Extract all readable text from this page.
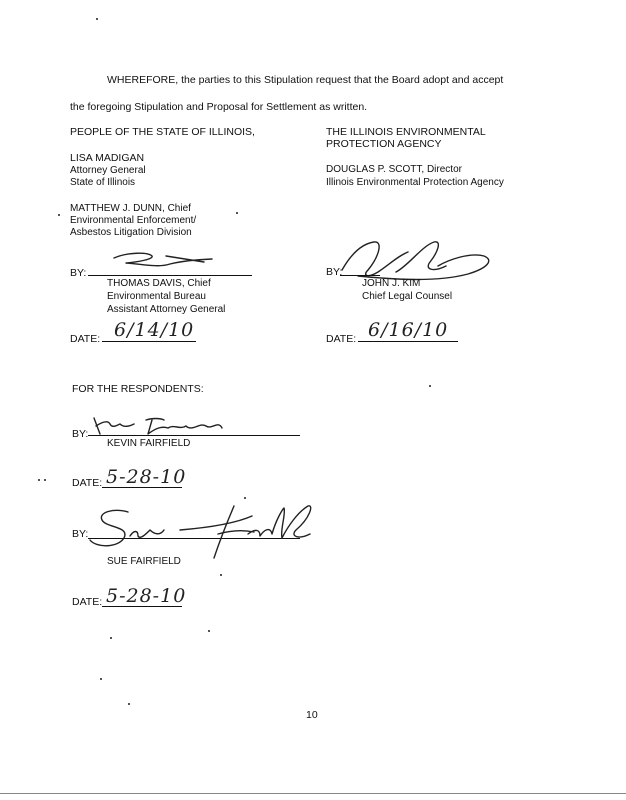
WHEREFORE, the parties to this Stipulation request that the Board adopt and accept
the foregoing Stipulation and Proposal for Settlement as written.
PEOPLE OF THE STATE OF ILLINOIS,
LISA MADIGAN
Attorney General
State of Illinois
MATTHEW J. DUNN, Chief
Environmental Enforcement/
Asbestos Litigation Division
BY:
THOMAS DAVIS, Chief
Environmental Bureau
Assistant Attorney General
DATE: 6/14/10
THE ILLINOIS ENVIRONMENTAL
PROTECTION AGENCY
DOUGLAS P. SCOTT, Director
Illinois Environmental Protection Agency
BY:
JOHN J. KIM
Chief Legal Counsel
DATE: 6/16/10
FOR THE RESPONDENTS:
BY:
KEVIN FAIRFIELD
DATE: 5-28-10
BY:
SUE FAIRFIELD
DATE: 5-28-10
10
